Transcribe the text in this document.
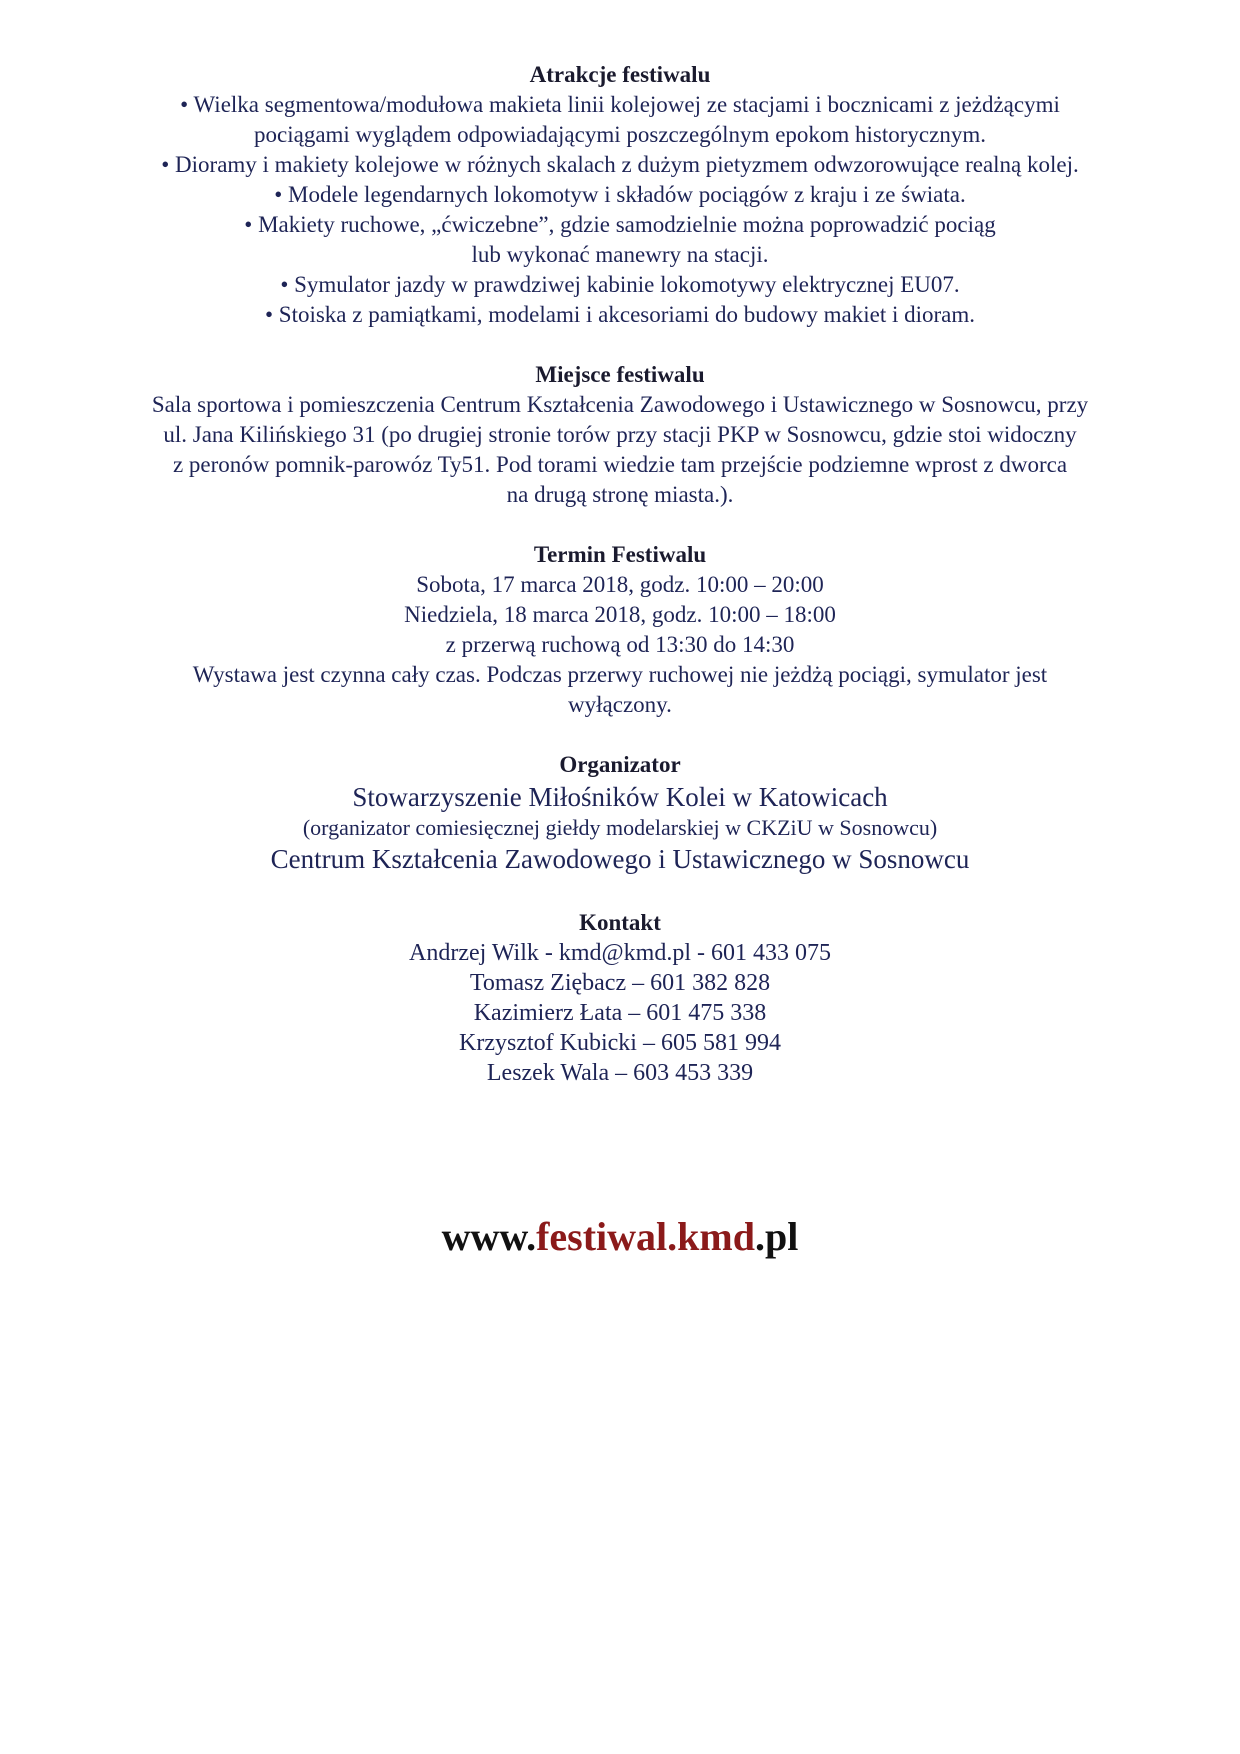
Atrakcje festiwalu
• Wielka segmentowa/modułowa makieta linii kolejowej ze stacjami i bocznicami z jeżdżącymi
pociągami wyglądem odpowiadającymi poszczególnym epokom historycznym.
• Dioramy i makiety kolejowe w różnych skalach z dużym pietyzmem odwzorowujące realną kolej.
• Modele legendarnych lokomotyw i składów pociągów z kraju i ze świata.
• Makiety ruchowe, „ćwiczebne”, gdzie samodzielnie można poprowadzić pociąg
lub wykonać manewry na stacji.
• Symulator jazdy w prawdziwej kabinie lokomotywy elektrycznej EU07.
• Stoiska z pamiątkami, modelami i akcesoriami do budowy makiet i dioram.
Miejsce festiwalu
Sala sportowa i pomieszczenia Centrum Kształcenia Zawodowego i Ustawicznego w Sosnowcu, przy
ul. Jana Kilińskiego 31 (po drugiej stronie torów przy stacji PKP w Sosnowcu, gdzie stoi widoczny
z peronów pomnik-parowóz Ty51. Pod torami wiedzie tam przejście podziemne wprost z dworca
na drugą stronę miasta.).
Termin Festiwalu
Sobota, 17 marca 2018, godz. 10:00 – 20:00
Niedziela, 18 marca 2018, godz. 10:00 – 18:00
z przerwą ruchową od 13:30 do 14:30
Wystawa jest czynna cały czas. Podczas przerwy ruchowej nie jeżdżą pociągi, symulator jest
wyłączony.
Organizator
Stowarzyszenie Miłośników Kolei w Katowicach
(organizator comiesięcznej giełdy modelarskiej w CKZiU w Sosnowcu)
Centrum Kształcenia Zawodowego i Ustawicznego w Sosnowcu
Kontakt
Andrzej Wilk - kmd@kmd.pl - 601 433 075
Tomasz Ziębacz – 601 382 828
Kazimierz Łata – 601 475 338
Krzysztof Kubicki – 605 581 994
Leszek Wala – 603 453 339
www.festiwal.kmd.pl
